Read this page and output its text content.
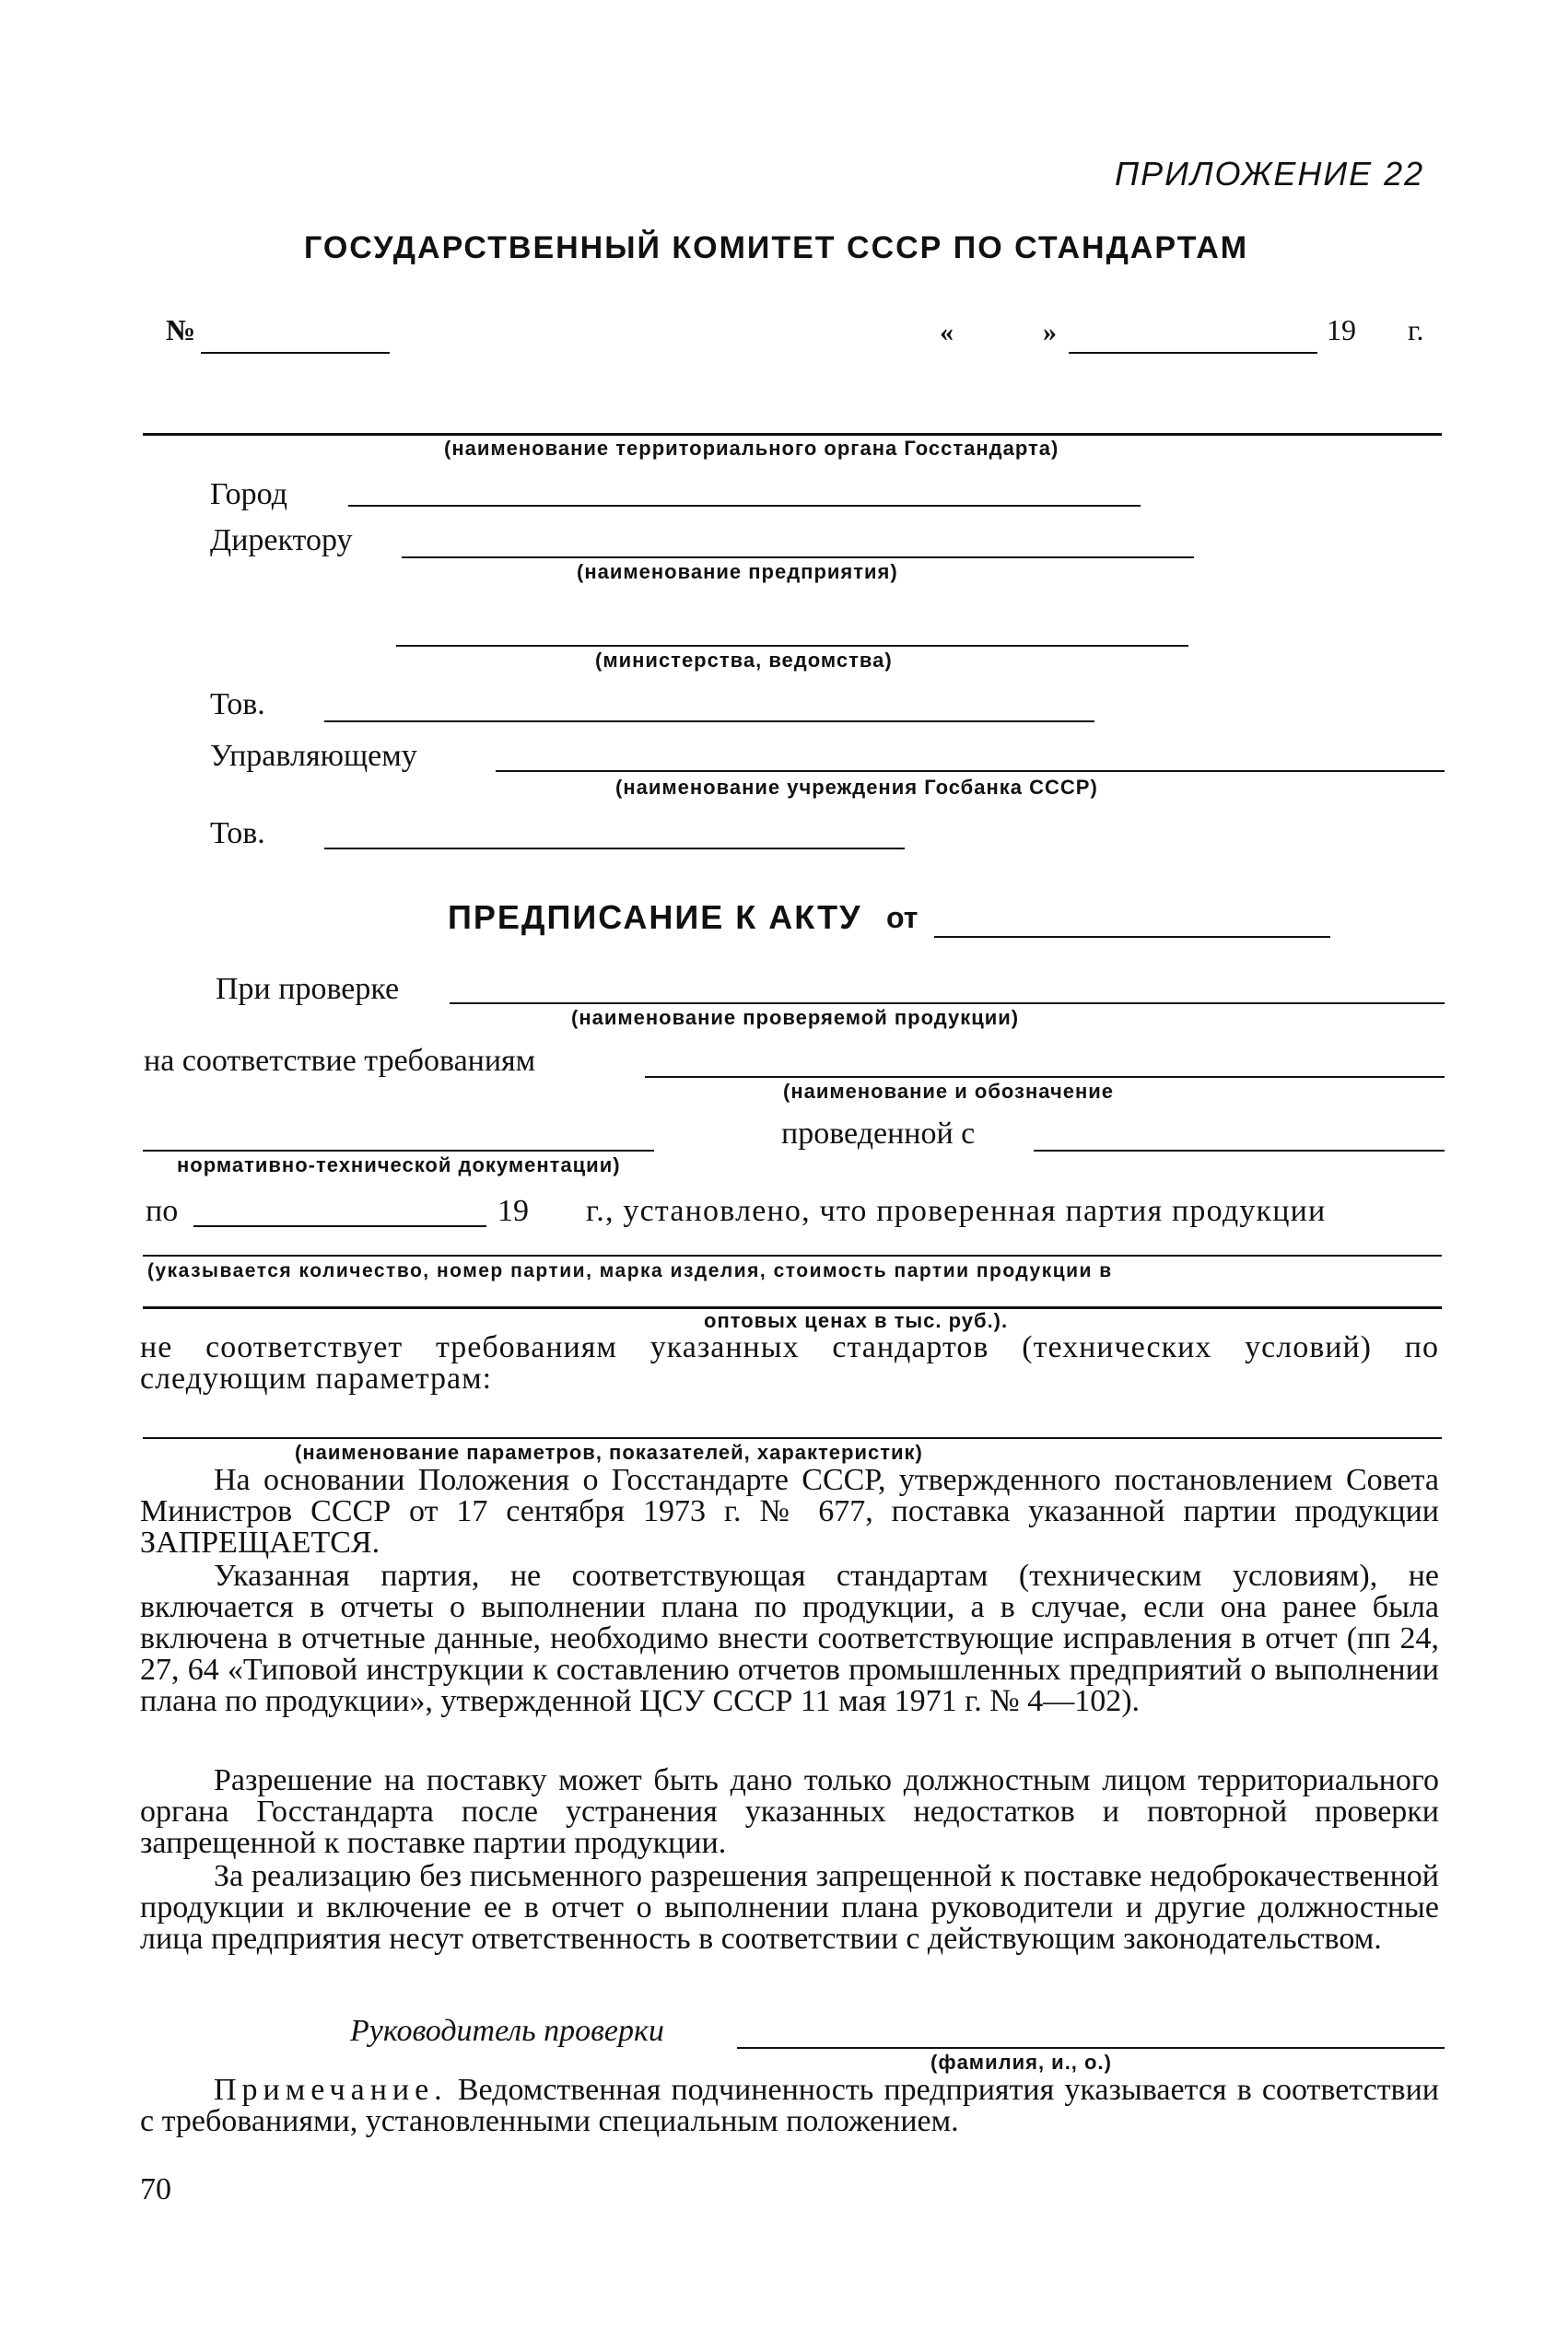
ПРИЛОЖЕНИЕ 22
ГОСУДАРСТВЕННЫЙ КОМИТЕТ СССР ПО СТАНДАРТАМ
№	«	»	19 г.
(наименование территориального органа Госстандарта)
Город
Директору
(наименование предприятия)
(министерства, ведомства)
Тов.
Управляющему
(наименование учреждения Госбанка СССР)
Тов.
ПРЕДПИСАНИЕ К АКТУ от
При проверке
(наименование проверяемой продукции)
на соответствие требованиям
(наименование и обозначение
проведенной с
нормативно-технической документации)
по	19 г., установлено, что проверенная партия продукции
(указывается количество, номер партии, марка изделия, стоимость партии продукции в
оптовых ценах в тыс. руб.).
не соответствует требованиям указанных стандартов (технических условий) по следующим параметрам:
(наименование параметров, показателей, характеристик)
На основании Положения о Госстандарте СССР, утвержденного постановлением Совета Министров СССР от 17 сентября 1973 г. № 677, поставка указанной партии продукции ЗАПРЕЩАЕТСЯ.
Указанная партия, не соответствующая стандартам (техническим условиям), не включается в отчеты о выполнении плана по продукции, а в случае, если она ранее была включена в отчетные данные, необходимо внести соответствующие исправления в отчет (пп 24, 27, 64 «Типовой инструкции к составлению отчетов промышленных предприятий о выполнении плана по продукции», утвержденной ЦСУ СССР 11 мая 1971 г. № 4—102).
Разрешение на поставку может быть дано только должностным лицом территориального органа Госстандарта после устранения указанных недостатков и повторной проверки запрещенной к поставке партии продукции.
За реализацию без письменного разрешения запрещенной к поставке недоброкачественной продукции и включение ее в отчет о выполнении плана руководители и другие должностные лица предприятия несут ответственность в соответствии с действующим законодательством.
Руководитель проверки
(фамилия, и., о.)
Примечание. Ведомственная подчиненность предприятия указывается в соответствии с требованиями, установленными специальным положением.
70
